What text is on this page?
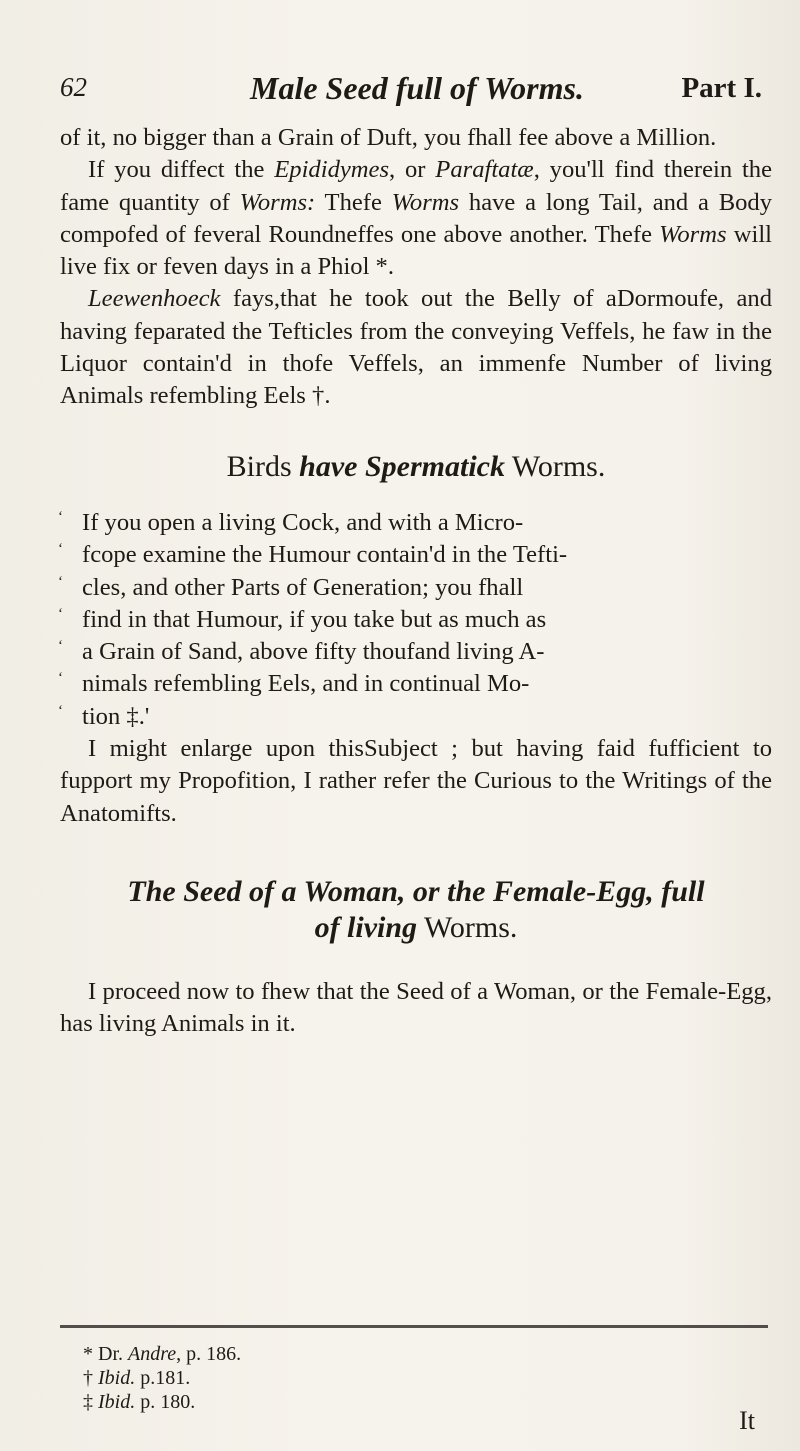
62	Male Seed full of Worms.	Part I.

of it, no bigger than a Grain of Duft, you fhall fee above a Million.

If you diffect the Epididymes, or Paraftatæ, you'll find therein the fame quantity of Worms: Thefe Worms have a long Tail, and a Body compofed of feveral Roundneffes one above another. Thefe Worms will live fix or feven days in a Phiol *.

Leewenhoeck fays,that he took out the Belly of aDormoufe, and having feparated the Tefticles from the conveying Veffels, he faw in the Liquor contain'd in thofe Veffels, an immenfe Number of living Animals refembling Eels †.

Birds have Spermatick Worms.

‘ If you open a living Cock, and with a Micro-
‘ fcope examine the Humour contain'd in the Tefti-
‘ cles, and other Parts of Generation; you fhall
‘ find in that Humour, if you take but as much as
‘ a Grain of Sand, above fifty thoufand living A-
‘ nimals refembling Eels, and in continual Mo-
‘ tion ‡.'

I might enlarge upon thisSubject ; but having faid fufficient to fupport my Propofition, I rather refer the Curious to the Writings of the Anatomifts.

The Seed of a Woman, or the Female-Egg, full
of living Worms.

I proceed now to fhew that the Seed of a Woman, or the Female-Egg, has living Animals in it.

* Dr. Andre, p. 186.
† Ibid. p.181.
‡ Ibid. p. 180.
It
